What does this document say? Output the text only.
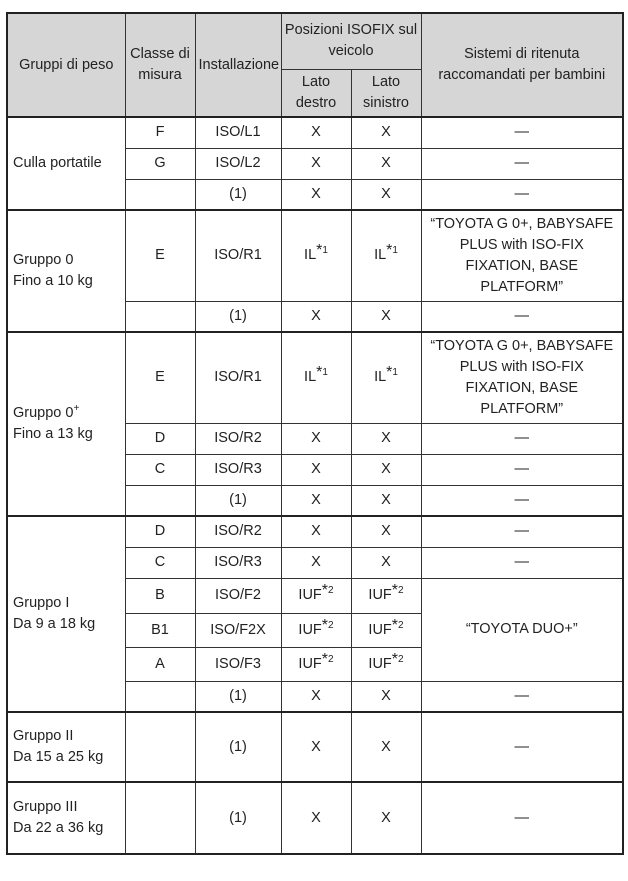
Gruppi di peso	Classe di misura	Installazione	Posizioni ISOFIX sul veicolo		Sistemi di ritenuta raccomandati per bambini
			Lato destro	Lato sinistro	
Culla portatile	F	ISO/L1	X	X	—
	G	ISO/L2	X	X	—
		(1)	X	X	—

Gruppo 0
Fino a 10 kg	E	ISO/R1	IL*$^1$	IL*$^1$	“TOYOTA G 0+, BABYSAFE PLUS with ISO-FIX FIXATION, BASE PLATFORM”
		(1)	X	X	—

Gruppo 0+
Fino a 13 kg	E	ISO/R1	IL*$^1$	IL*$^1$	“TOYOTA G 0+, BABYSAFE PLUS with ISO-FIX FIXATION, BASE PLATFORM”
	D	ISO/R2	X	X	—
	C	ISO/R3	X	X	—
		(1)	X	X	—

Gruppo I
Da 9 a 18 kg	D	ISO/R2	X	X	—
	C	ISO/R3	X	X	—
	B	ISO/F2	IUF*$^2$	IUF*$^2$	“TOYOTA DUO+”
	B1	ISO/F2X	IUF*$^2$	IUF*$^2$
	A	ISO/F3	IUF*$^2$	IUF*$^2$
		(1)	X	X	—

Gruppo II
Da 15 a 25 kg		(1)	X	X	—

Gruppo III
Da 22 a 36 kg		(1)	X	X	—
